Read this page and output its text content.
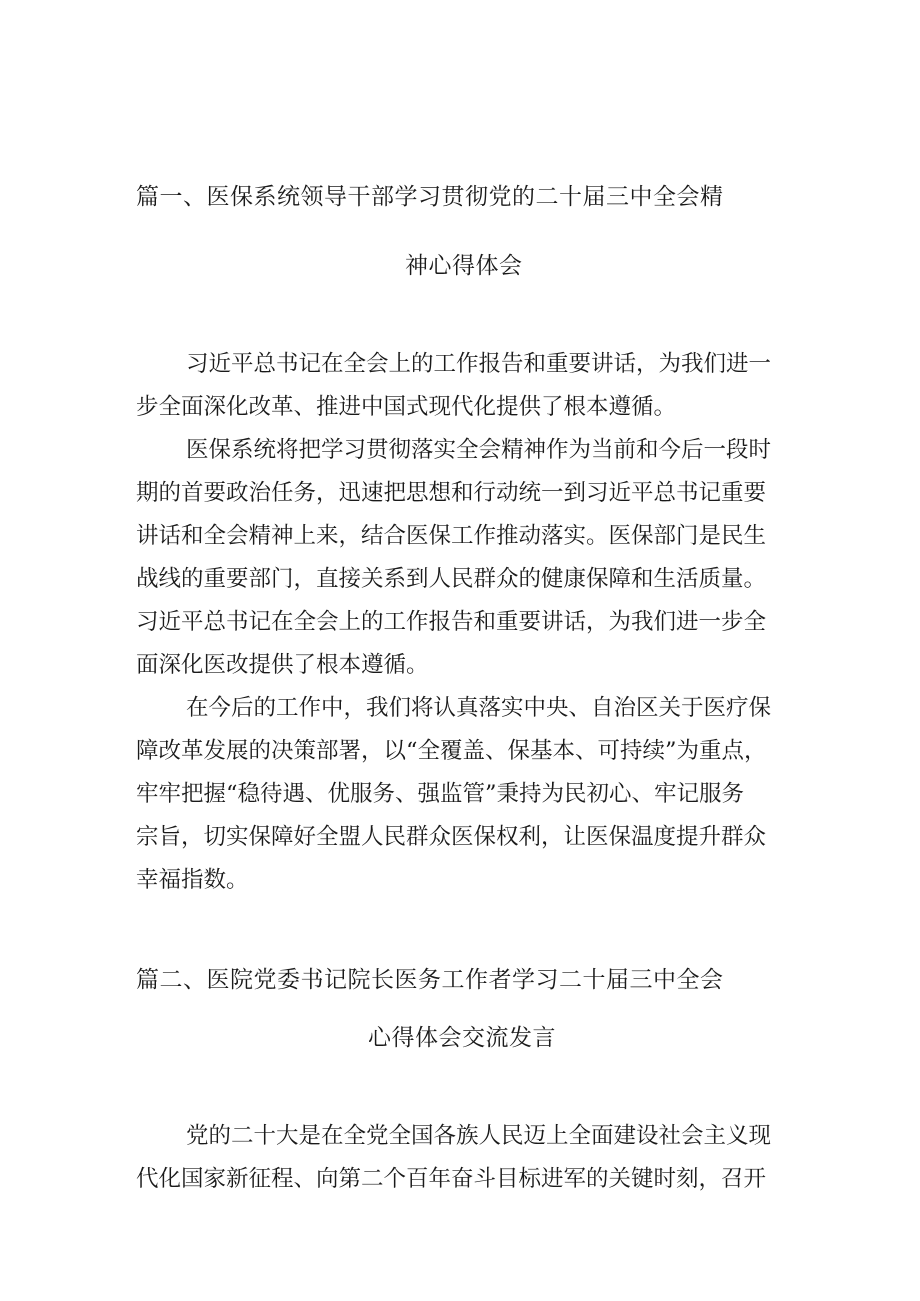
篇一、医保系统领导干部学习贯彻党的二十届三中全会精
神心得体会
习近平总书记在全会上的工作报告和重要讲话，为我们进一
步全面深化改革、推进中国式现代化提供了根本遵循。
医保系统将把学习贯彻落实全会精神作为当前和今后一段时
期的首要政治任务，迅速把思想和行动统一到习近平总书记重要
讲话和全会精神上来，结合医保工作推动落实。医保部门是民生
战线的重要部门，直接关系到人民群众的健康保障和生活质量。
习近平总书记在全会上的工作报告和重要讲话，为我们进一步全
面深化医改提供了根本遵循。
在今后的工作中，我们将认真落实中央、自治区关于医疗保
障改革发展的决策部署，以“全覆盖、保基本、可持续”为重点，
牢牢把握“稳待遇、优服务、强监管”秉持为民初心、牢记服务
宗旨，切实保障好全盟人民群众医保权利，让医保温度提升群众
幸福指数。
篇二、医院党委书记院长医务工作者学习二十届三中全会
心得体会交流发言
党的二十大是在全党全国各族人民迈上全面建设社会主义现
代化国家新征程、向第二个百年奋斗目标进军的关键时刻，召开
